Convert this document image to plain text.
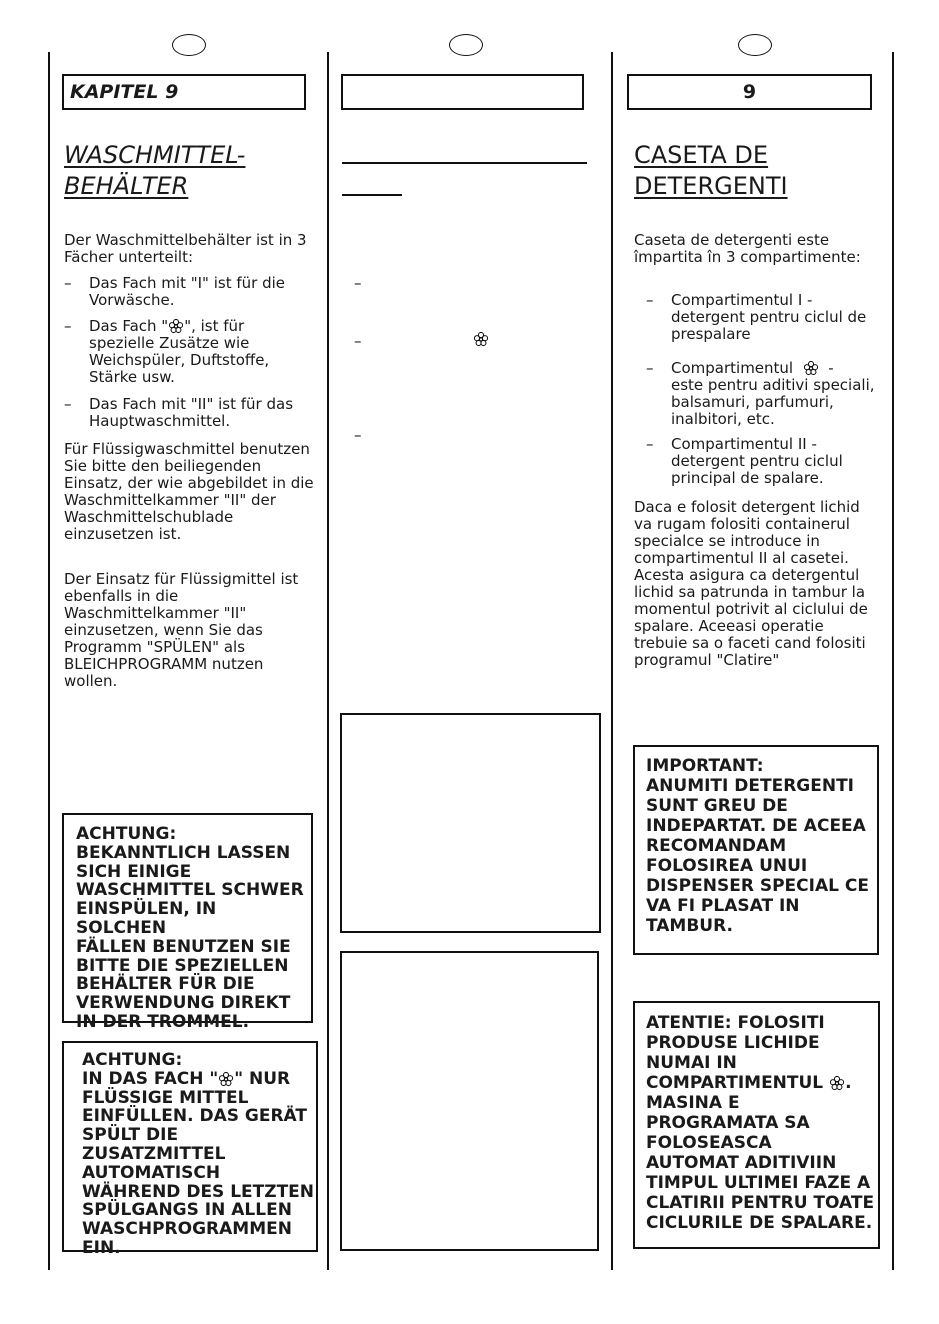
KAPITEL 9
WASCHMITTEL-
BEHÄLTER

Der Waschmittelbehälter ist in 3 Fächer unterteilt:

– Das Fach mit "I" ist für die Vorwäsche.
– Das Fach " ", ist für spezielle Zusätze wie Weichspüler, Duftstoffe, Stärke usw.
– Das Fach mit "II" ist für das Hauptwaschmittel.

Für Flüssigwaschmittel benutzen Sie bitte den beiliegenden Einsatz, der wie abgebildet in die Waschmittelkammer "II" der Waschmittelschublade einzusetzen ist.

Der Einsatz für Flüssigmittel ist ebenfalls in die Waschmittelkammer "II" einzusetzen, wenn Sie das Programm "SPÜLEN" als BLEICHPROGRAMM nutzen wollen.

ACHTUNG:
BEKANNTLICH LASSEN
SICH EINIGE
WASCHMITTEL SCHWER
EINSPÜLEN, IN SOLCHEN
FÄLLEN BENUTZEN SIE
BITTE DIE SPEZIELLEN
BEHÄLTER FÜR DIE
VERWENDUNG DIREKT
IN DER TROMMEL.
ACHTUNG:
IN DAS FACH " " NUR
FLÜSSIGE MITTEL
EINFÜLLEN. DAS GERÄT
SPÜLT DIE ZUSATZMITTEL
AUTOMATISCH
WÄHREND DES LETZTEN
SPÜLGANGS IN ALLEN
WASCHPROGRAMMEN
EIN.
–
–
–
9
CASETA DE
DETERGENTI

Caseta de detergenti este împartita în 3 compartimente:

– Compartimentul I - detergent pentru ciclul de prespalare
– Compartimentul    -
este pentru aditivi speciali, balsamuri, parfumuri, inalbitori, etc.
– Compartimentul II - detergent pentru ciclul principal de spalare.

Daca e folosit detergent lichid va rugam folositi containerul specialce se introduce in compartimentul II al casetei. Acesta asigura ca detergentul lichid sa patrunda in tambur la momentul potrivit al ciclului de spalare. Aceeasi operatie trebuie sa o faceti cand folositi programul "Clatire"

IMPORTANT:
ANUMITI DETERGENTI
SUNT GREU DE
INDEPARTAT. DE ACEEA
RECOMANDAM
FOLOSIREA UNUI
DISPENSER SPECIAL CE
VA FI PLASAT IN
TAMBUR.
ATENTIE: FOLOSITI
PRODUSE LICHIDE
NUMAI IN
COMPARTIMENTUL .
MASINA E
PROGRAMATA SA
FOLOSEASCA
AUTOMAT ADITIVIIN
TIMPUL ULTIMEI FAZE A
CLATIRII PENTRU TOATE
CICLURILE DE SPALARE.
